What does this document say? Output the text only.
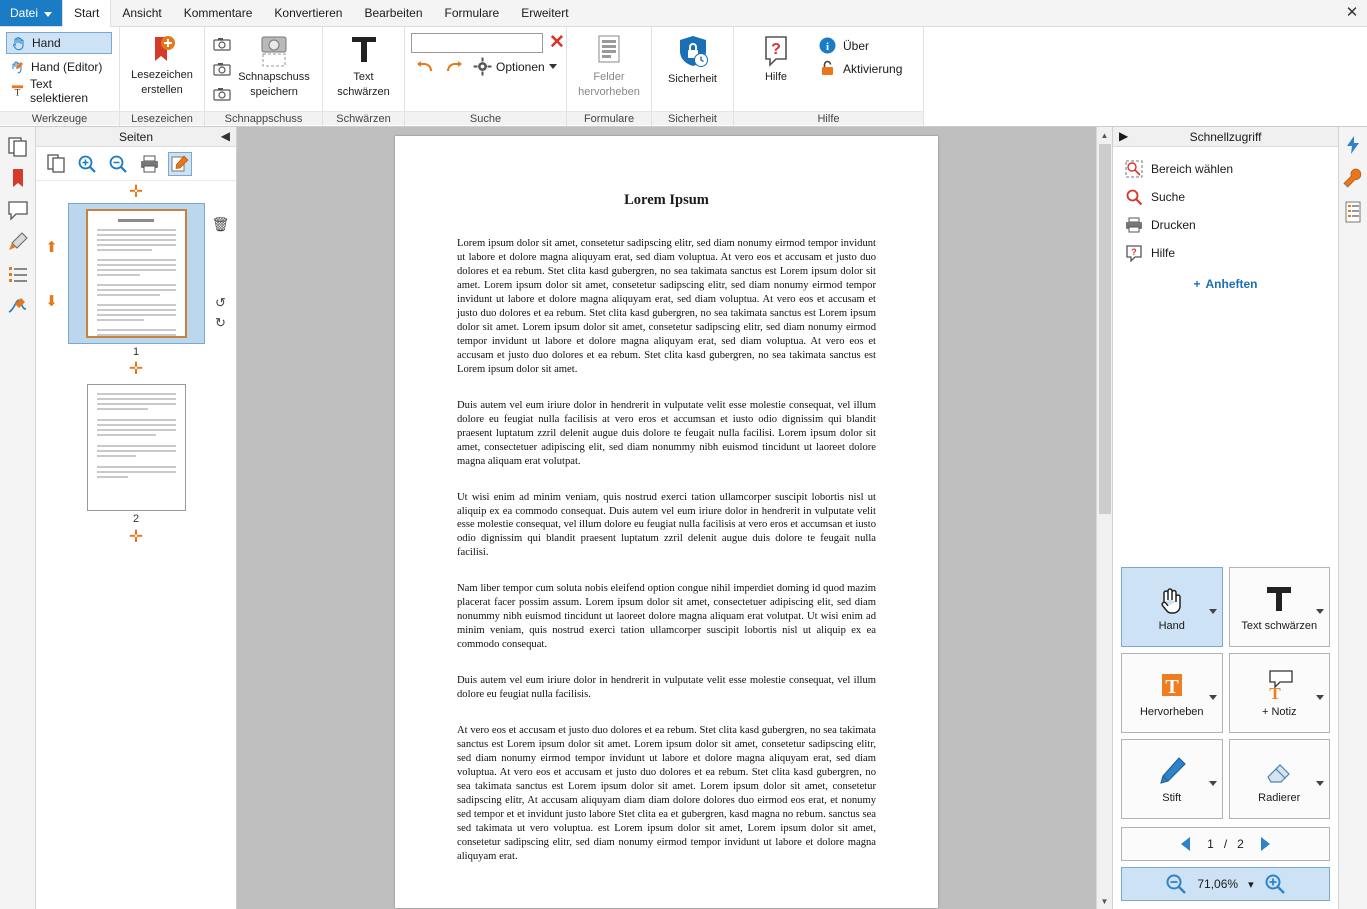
Datei	Start Ansicht Kommentare Konvertieren Bearbeiten Formulare Erweitert	✕
Hand
Hand (Editor)
T
Text selektieren
Werkzeuge
Lesezeichen
erstellen
Lesezeichen
Schnapschuss
speichern
Schnappschuss
Text
schwärzen
Schwärzen
✕
Optionen
Suche
Felder
hervorheben
Formulare
Sicherheit
Sicherheit
?
Hilfe
i Über
Aktivierung
Hilfe
Seiten	◀
✛
⬆
⬇
🗑
↺
↻
1
✛
2
✛
Lorem Ipsum

Lorem ipsum dolor sit amet, consetetur sadipscing elitr, sed diam nonumy eirmod tempor invidunt ut labore et dolore magna aliquyam erat, sed diam voluptua. At vero eos et accusam et justo duo dolores et ea rebum. Stet clita kasd gubergren, no sea takimata sanctus est Lorem ipsum dolor sit amet. Lorem ipsum dolor sit amet, consetetur sadipscing elitr, sed diam nonumy eirmod tempor invidunt ut labore et dolore magna aliquyam erat, sed diam voluptua. At vero eos et accusam et justo duo dolores et ea rebum. Stet clita kasd gubergren, no sea takimata sanctus est Lorem ipsum dolor sit amet. Lorem ipsum dolor sit amet, consetetur sadipscing elitr, sed diam nonumy eirmod tempor invidunt ut labore et dolore magna aliquyam erat, sed diam voluptua. At vero eos et accusam et justo duo dolores et ea rebum. Stet clita kasd gubergren, no sea takimata sanctus est Lorem ipsum dolor sit amet.

Duis autem vel eum iriure dolor in hendrerit in vulputate velit esse molestie consequat, vel illum dolore eu feugiat nulla facilisis at vero eros et accumsan et iusto odio dignissim qui blandit praesent luptatum zzril delenit augue duis dolore te feugait nulla facilisi. Lorem ipsum dolor sit amet, consectetuer adipiscing elit, sed diam nonummy nibh euismod tincidunt ut laoreet dolore magna aliquam erat volutpat.

Ut wisi enim ad minim veniam, quis nostrud exerci tation ullamcorper suscipit lobortis nisl ut aliquip ex ea commodo consequat. Duis autem vel eum iriure dolor in hendrerit in vulputate velit esse molestie consequat, vel illum dolore eu feugiat nulla facilisis at vero eros et accumsan et iusto odio dignissim qui blandit praesent luptatum zzril delenit augue duis dolore te feugait nulla facilisi.

Nam liber tempor cum soluta nobis eleifend option congue nihil imperdiet doming id quod mazim placerat facer possim assum. Lorem ipsum dolor sit amet, consectetuer adipiscing elit, sed diam nonummy nibh euismod tincidunt ut laoreet dolore magna aliquam erat volutpat. Ut wisi enim ad minim veniam, quis nostrud exerci tation ullamcorper suscipit lobortis nisl ut aliquip ex ea commodo consequat.

Duis autem vel eum iriure dolor in hendrerit in vulputate velit esse molestie consequat, vel illum dolore eu feugiat nulla facilisis.

At vero eos et accusam et justo duo dolores et ea rebum. Stet clita kasd gubergren, no sea takimata sanctus est Lorem ipsum dolor sit amet. Lorem ipsum dolor sit amet, consetetur sadipscing elitr, sed diam nonumy eirmod tempor invidunt ut labore et dolore magna aliquyam erat, sed diam voluptua. At vero eos et accusam et justo duo dolores et ea rebum. Stet clita kasd gubergren, no sea takimata sanctus est Lorem ipsum dolor sit amet. Lorem ipsum dolor sit amet, consetetur sadipscing elitr, At accusam aliquyam diam diam dolore dolores duo eirmod eos erat, et nonumy sed tempor et et invidunt justo labore Stet clita ea et gubergren, kasd magna no rebum. sanctus sea sed takimata ut vero voluptua. est Lorem ipsum dolor sit amet, Lorem ipsum dolor sit amet, consetetur sadipscing elitr, sed diam nonumy eirmod tempor invidunt ut labore et dolore magna aliquyam erat.

▲
▼
▶	Schnellzugriff
Bereich wählen
Suche
Drucken
? Hilfe
+ Anheften
Hand	Text schwärzen
T
Hervorheben
T
+ Notiz
Stift	Radierer
1 / 2
71,06% ▾
